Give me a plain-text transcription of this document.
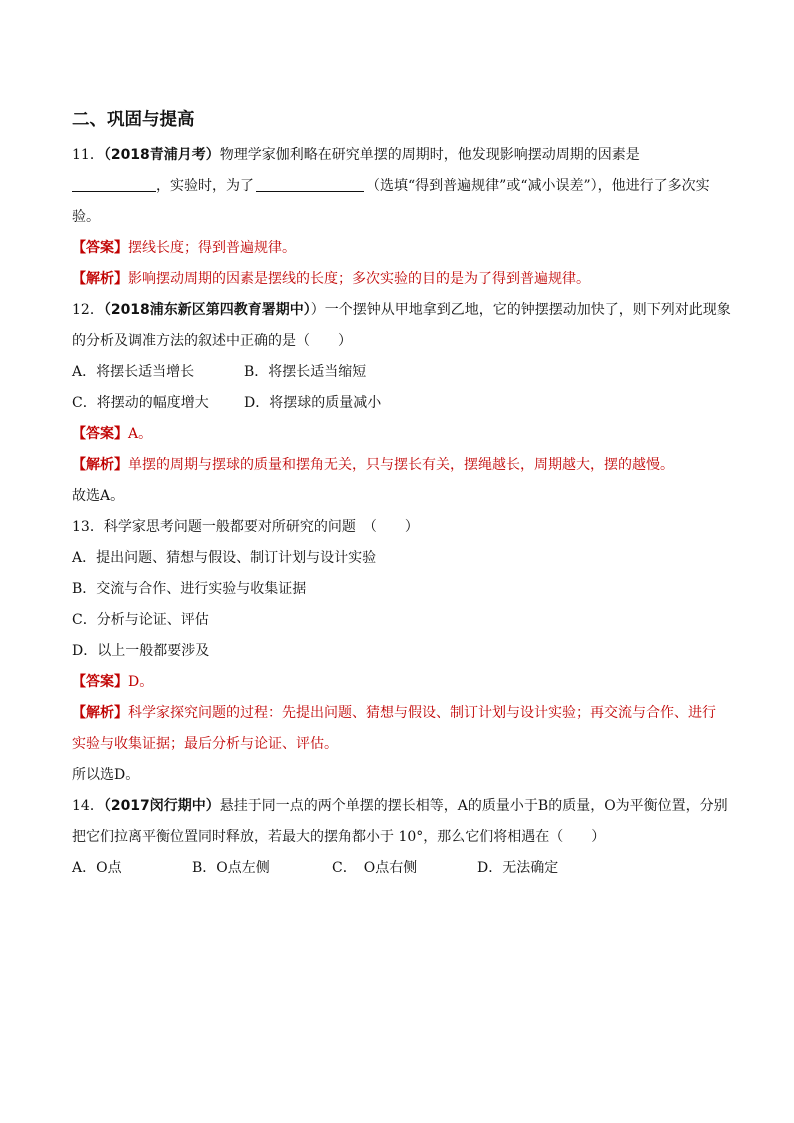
二、巩固与提高
11．（2018青浦月考）物理学家伽利略在研究单摆的周期时，他发现影响摆动周期的因素是
，实验时，为了	（选填“得到普遍规律”或“减小误差”），他进行了多次实
验。
【答案】摆线长度；得到普遍规律。
【解析】影响摆动周期的因素是摆线的长度；多次实验的目的是为了得到普遍规律。
12．（2018浦东新区第四教育署期中））一个摆钟从甲地拿到乙地，它的钟摆摆动加快了，则下列对此现象
的分析及调准方法的叙述中正确的是（　　）
A．将摆长适当增长	B．将摆长适当缩短
C．将摆动的幅度增大	D．将摆球的质量减小
【答案】A。
【解析】单摆的周期与摆球的质量和摆角无关，只与摆长有关，摆绳越长，周期越大，摆的越慢。
故选A。
13．科学家思考问题一般都要对所研究的问题　（　　）
A．提出问题、猜想与假设、制订计划与设计实验
B．交流与合作、进行实验与收集证据
C．分析与论证、评估
D．以上一般都要涉及
【答案】D。
【解析】科学家探究问题的过程：先提出问题、猜想与假设、制订计划与设计实验；再交流与合作、进行
实验与收集证据；最后分析与论证、评估。
所以选D。
14．（2017闵行期中）悬挂于同一点的两个单摆的摆长相等，A的质量小于B的质量，O为平衡位置，分别
把它们拉离平衡位置同时释放，若最大的摆角都小于 10°，那么它们将相遇在（　　）
A．O点	B．O点左侧	C．　O点右侧	D．无法确定
